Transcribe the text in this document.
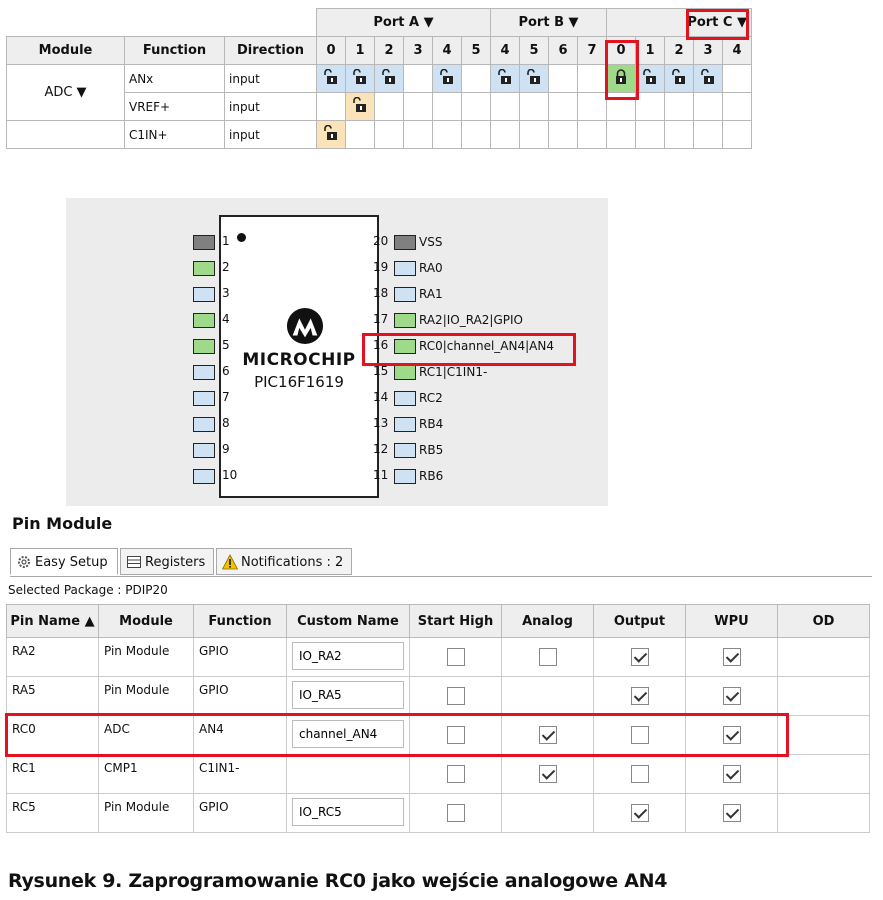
			Port A ▼						Port B ▼				Port C ▼				
Module	Function	Direction	0	1	2	3	4	5	4	5	6	7	0	1	2	3	4
ADC ▼	ANx	input															
	VREF+	input															
	C1IN+	input															
MICROCHIP
PIC16F1619
1
2
3
4
5
6
7
8
9
10
20	VSS
19	RA0
18	RA1
17	RA2|IO_RA2|GPIO
16	RC0|channel_AN4|AN4
15	RC1|C1IN1-
14	RC2
13	RB4
12	RB5
11	RB6
Pin Module
Easy Setup	Registers	Notifications : 2
Selected Package : PDIP20
Pin Name ▲	Module	Function	Custom Name	Start High	Analog	Output	WPU	OD
RA2	Pin Module	GPIO	IO_RA2					
RA5	Pin Module	GPIO	IO_RA5					
RC0	ADC	AN4	channel_AN4					
RC1	CMP1	C1IN1-						
RC5	Pin Module	GPIO	IO_RC5					
Rysunek 9. Zaprogramowanie RC0 jako wejście analogowe AN4
